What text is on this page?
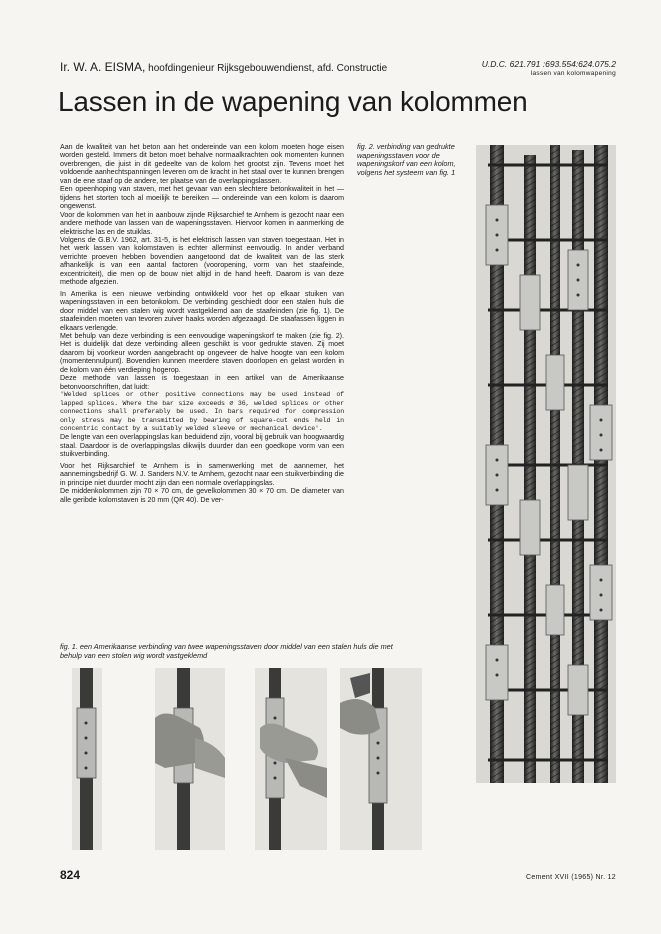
Ir. W. A. EISMA, hoofdingenieur Rijksgebouwendienst, afd. Constructie	U.D.C. 621.791 :693.554:624.075.2
lassen van kolomwapening
Lassen in de wapening van kolommen

Aan de kwaliteit van het beton aan het ondereinde van een kolom moeten hoge eisen worden gesteld. Immers dit beton moet behalve normaalkrachten ook momenten kunnen overbrengen, die juist in dit gedeelte van de kolom het grootst zijn. Tevens moet het voldoende aanhechtspanningen leveren om de kracht in het staal over te kunnen brengen van de ene staaf op de andere, ter plaatse van de overlappingslassen.

Een opeenhoping van staven, met het gevaar van een slechtere betonkwaliteit in het — tijdens het storten toch al moeilijk te bereiken — ondereinde van een kolom is daarom ongewenst.

Voor de kolommen van het in aanbouw zijnde Rijksarchief te Arnhem is gezocht naar een andere methode van lassen van de wapeningsstaven. Hiervoor komen in aanmerking de elektrische las en de stuiklas.

Volgens de G.B.V. 1962, art. 31-5, is het elektrisch lassen van staven toegestaan. Het in het werk lassen van kolomstaven is echter allerminst eenvoudig. In ander verband verrichte proeven hebben bovendien aangetoond dat de kwaliteit van de las sterk afhankelijk is van een aantal factoren (vooropening, vorm van het staafeinde, excentriciteit), die men op de bouw niet altijd in de hand heeft. Daarom is van deze methode afgezien.

In Amerika is een nieuwe verbinding ontwikkeld voor het op elkaar stuiken van wapeningsstaven in een betonkolom. De verbinding geschiedt door een stalen huls die door middel van een stalen wig wordt vastgeklemd aan de staafeinden (zie fig. 1). De staafeinden moeten van tevoren zuiver haaks worden afgezaagd. De staafassen liggen in elkaars verlengde.

Met behulp van deze verbinding is een eenvoudige wapeningskorf te maken (zie fig. 2). Het is duidelijk dat deze verbinding alleen geschikt is voor gedrukte staven. Zij moet daarom bij voorkeur worden aangebracht op ongeveer de halve hoogte van een kolom (momentennulpunt). Bovendien kunnen meerdere staven doorlopen en gelast worden in de kolom van één verdieping hogerop.

Deze methode van lassen is toegestaan in een artikel van de Amerikaanse betonvoorschriften, dat luidt:

'Welded splices or other positive connections may be used instead of lapped splices. Where the bar size exceeds ∅ 36, welded splices or other connections shall preferably be used. In bars required for compression only stress may be transmitted by bearing of square-cut ends held in concentric contact by a suitably welded sleeve or mechanical device'.

De lengte van een overlappingslas kan beduidend zijn, vooral bij gebruik van hoogwaardig staal. Daardoor is de overlappingslas dikwijls duurder dan een goedkope vorm van een stuikverbinding.

Voor het Rijksarchief te Arnhem is in samenwerking met de aannemer, het aannemingsbedrijf G. W. J. Sanders N.V. te Arnhem, gezocht naar een stuikverbinding die in principe niet duurder mocht zijn dan een normale overlappingslas.

De middenkolommen zijn 70 × 70 cm, de gevelkolommen 30 × 70 cm. De diameter van alle geribde kolomstaven is 20 mm (QR 40). De ver-

fig. 2. verbinding van gedrukte wapeningsstaven voor de wapeningskorf van een kolom, volgens het systeem van fig. 1
fig. 1. een Amerikaanse verbinding van twee wapeningsstaven door middel van een stalen huls die met behulp van een stolen wig wordt vastgeklemd
824	Cement XVII (1965) Nr. 12
